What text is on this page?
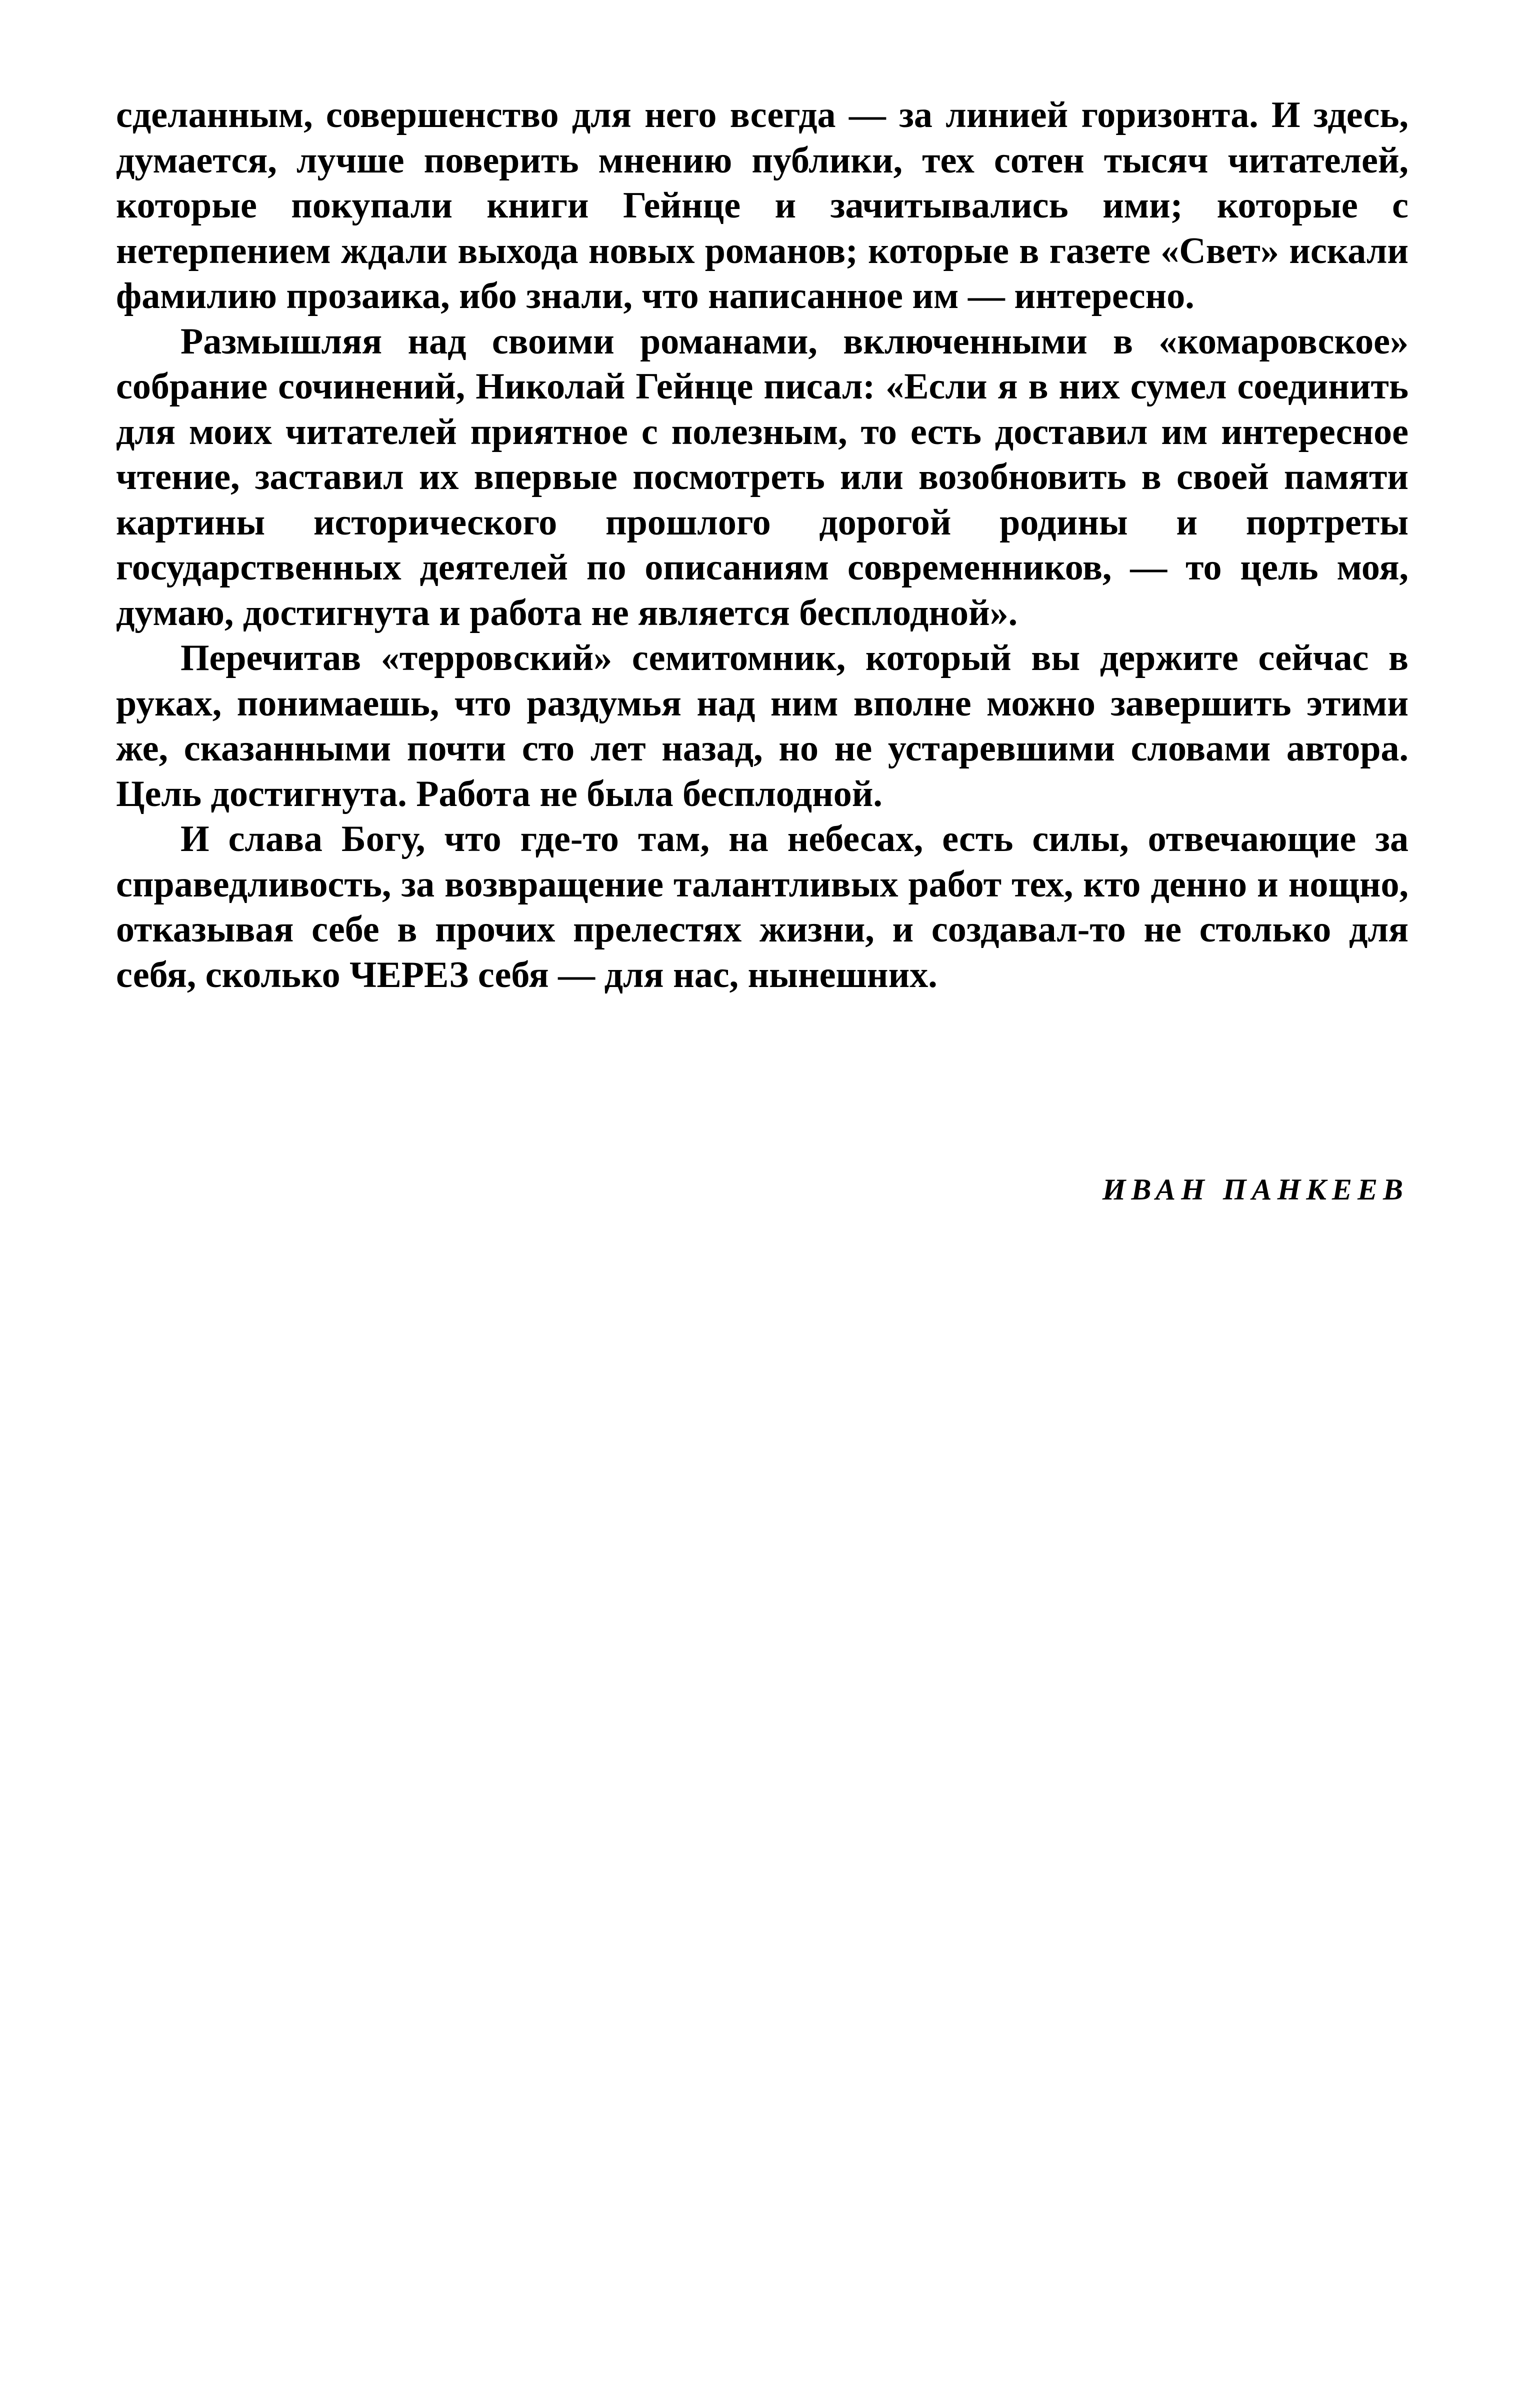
сделанным, совершенство для него всегда — за линией горизонта. И здесь, думается, лучше поверить мнению публики, тех сотен тысяч читателей, которые покупали книги Гейнце и зачитывались ими; которые с нетерпением ждали выхода новых романов; которые в газете «Свет» искали фамилию прозаика, ибо знали, что написанное им — интересно.

Размышляя над своими романами, включенными в «комаровское» собрание сочинений, Николай Гейнце писал: «Если я в них сумел соединить для моих читателей приятное с полезным, то есть доставил им интересное чтение, заставил их впервые посмотреть или возобновить в своей памяти картины исторического прошлого дорогой родины и портреты государственных деятелей по описаниям современников, — то цель моя, думаю, достигнута и работа не является бесплодной».

Перечитав «терровский» семитомник, который вы держите сейчас в руках, понимаешь, что раздумья над ним вполне можно завершить этими же, сказанными почти сто лет назад, но не устаревшими словами автора. Цель достигнута. Работа не была бесплодной.

И слава Богу, что где-то там, на небесах, есть силы, отвечающие за справедливость, за возвращение талантливых работ тех, кто денно и нощно, отказывая себе в прочих прелестях жизни, и создавал-то не столько для себя, сколько ЧЕРЕЗ себя — для нас, нынешних.

ИВАН ПАНКЕЕВ
